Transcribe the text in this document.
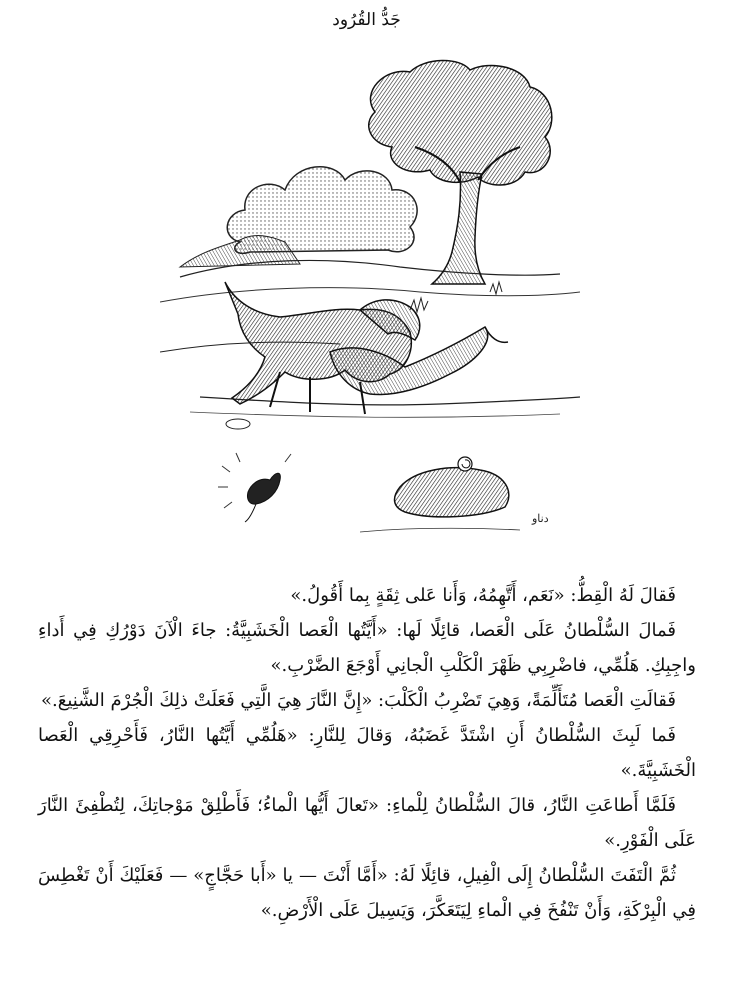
جَدُّ القُرُود
دناو

فَقالَ لَهُ الْقِطُّ: «نَعَم، أَتَّهِمُهُ، وَأَنا عَلى ثِقَةٍ بِما أَقُولُ.»

فَمالَ السُّلْطانُ عَلَى الْعَصا، قائِلًا لَها: «أَيَّتُها الْعَصا الْخَشَبِيَّةُ: جاءَ الْآنَ دَوْرُكِ فِي أَداءِ واجِبِكِ. هَلُمِّي، فاضْرِبِي ظَهْرَ الْكَلْبِ الْجانِي أَوْجَعَ الضَّرْبِ.»

فَقالَتِ الْعَصا مُتَأَلِّمَةً، وَهِيَ تَضْرِبُ الْكَلْبَ: «إِنَّ النَّارَ هِيَ الَّتِي فَعَلَتْ ذلِكَ الْجُرْمَ الشَّنِيعَ.»

فَما لَبِثَ السُّلْطانُ أَنِ اشْتَدَّ غَضَبُهُ، وَقالَ لِلنَّارِ: «هَلُمِّي أَيَّتُها النَّارُ، فَأَحْرِقِي الْعَصا الْخَشَبِيَّةَ.»

فَلَمَّا أَطاعَتِ النَّارُ، قالَ السُّلْطانُ لِلْماءِ: «تَعالَ أَيُّها الْماءُ؛ فَأَطْلِقْ مَوْجاتِكَ، لِتُطْفِئَ النَّارَ عَلَى الْفَوْرِ.»

ثُمَّ الْتَفَتَ السُّلْطانُ إِلَى الْفِيلِ، قائِلًا لَهُ: «أَمَّا أَنْتَ — يا «أَبا حَجَّاجٍ» — فَعَلَيْكَ أَنْ تَغْطِسَ فِي الْبِرْكَةِ، وَأَنْ تَنْفُخَ فِي الْماءِ لِيَتَعَكَّرَ، وَيَسِيلَ عَلَى الْأَرْضِ.»
